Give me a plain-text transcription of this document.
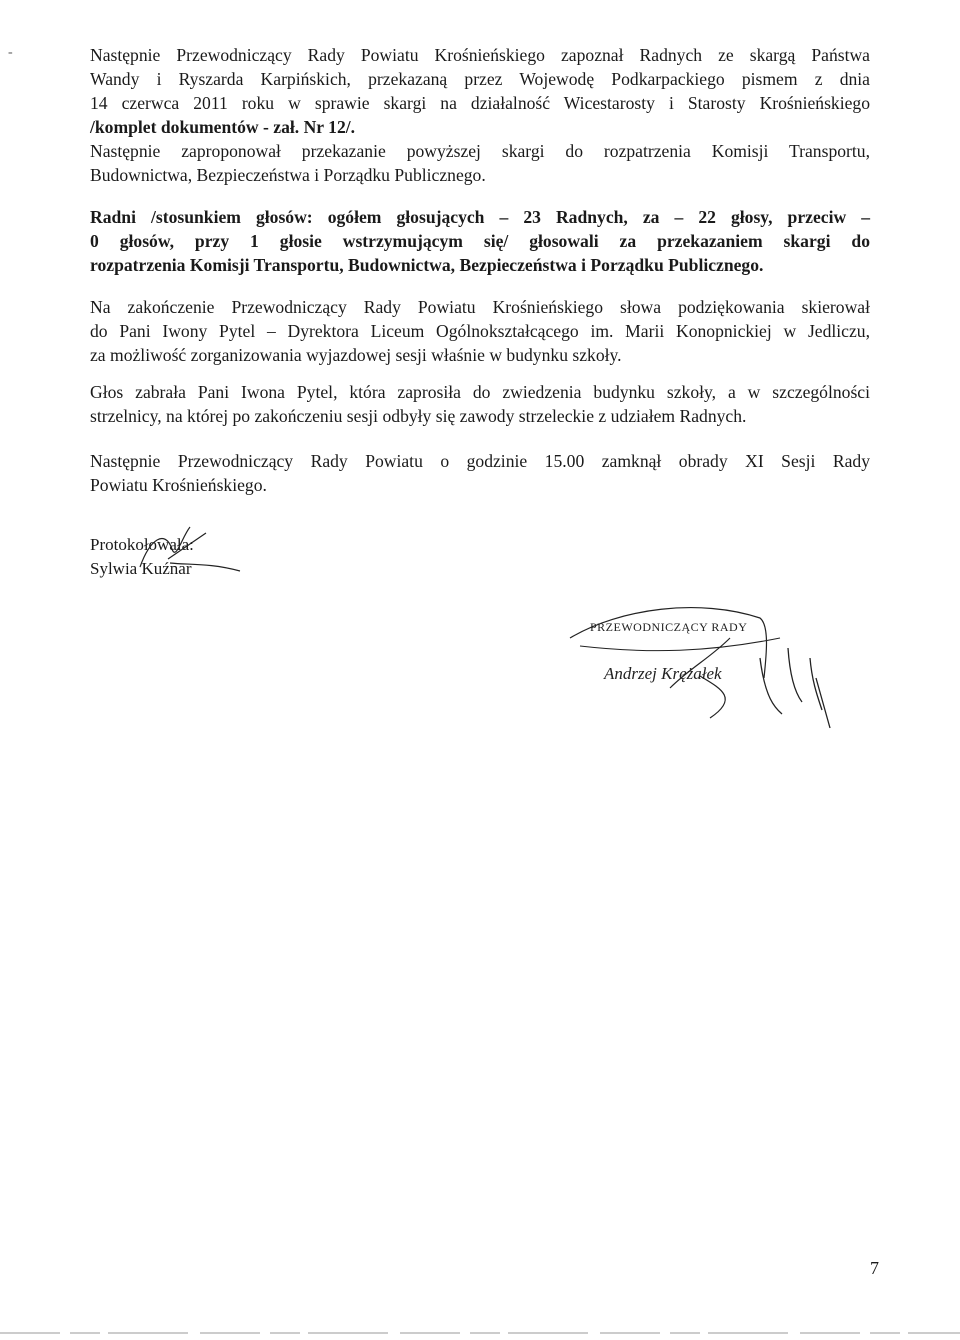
-	Następnie Przewodniczący Rady Powiatu Krośnieńskiego zapoznał Radnych ze skargą Państwa
Wandy i Ryszarda Karpińskich, przekazaną przez Wojewodę Podkarpackiego pismem z dnia
14 czerwca 2011 roku w sprawie skargi na działalność Wicestarosty i Starosty Krośnieńskiego
/komplet dokumentów - zał. Nr 12/.
Następnie zaproponował przekazanie powyższej skargi do rozpatrzenia Komisji Transportu,
Budownictwa, Bezpieczeństwa i Porządku Publicznego.
Radni /stosunkiem głosów: ogółem głosujących – 23 Radnych, za – 22 głosy, przeciw –
0 głosów, przy 1 głosie wstrzymującym się/ głosowali za przekazaniem skargi do
rozpatrzenia Komisji Transportu, Budownictwa, Bezpieczeństwa i Porządku Publicznego.
Na zakończenie Przewodniczący Rady Powiatu Krośnieńskiego słowa podziękowania skierował
do Pani Iwony Pytel – Dyrektora Liceum Ogólnokształcącego im. Marii Konopnickiej w Jedliczu,
za możliwość zorganizowania wyjazdowej sesji właśnie w budynku szkoły.
Głos zabrała Pani Iwona Pytel, która zaprosiła do zwiedzenia budynku szkoły, a w szczególności
strzelnicy, na której po zakończeniu sesji odbyły się zawody strzeleckie z udziałem Radnych.
Następnie Przewodniczący Rady Powiatu o godzinie 15.00 zamknął obrady XI Sesji Rady
Powiatu Krośnieńskiego.
Protokołowała:
Sylwia Kuźnar
PRZEWODNICZĄCY RADY
Andrzej Krężałek
7
